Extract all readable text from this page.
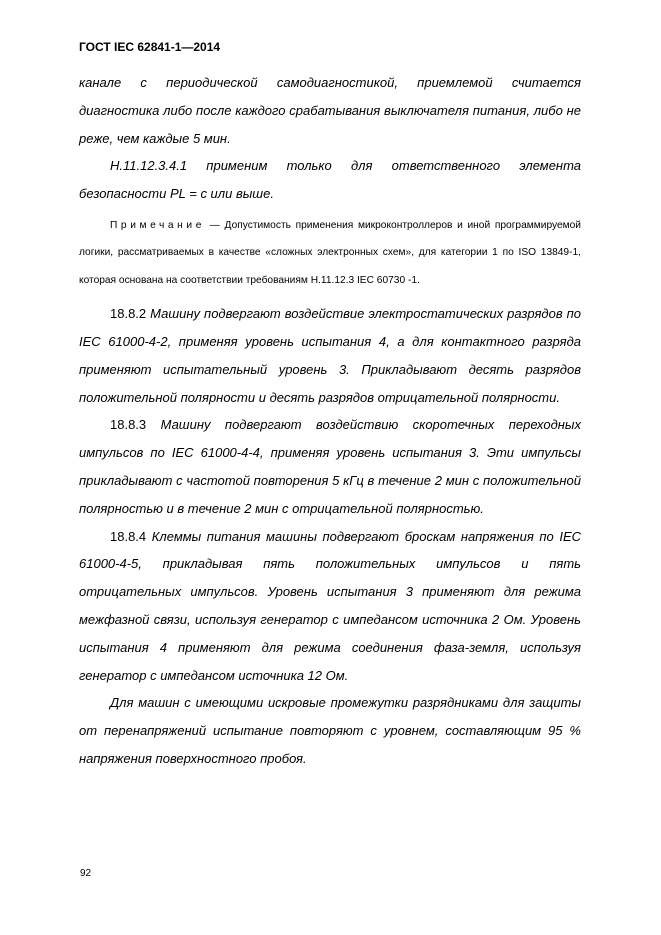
ГОСТ IEC 62841-1—2014

канале с периодической самодиагностикой, приемлемой считается диагностика либо после каждого срабатывания выключателя питания, либо не реже, чем каждые 5 мин.

Н.11.12.3.4.1 применим только для ответственного элемента безопасности PL = c или выше.

Примечание — Допустимость применения микроконтроллеров и иной программируемой логики, рассматриваемых в качестве «сложных электронных схем», для категории 1 по ISO 13849-1, которая основана на соответствии требованиям Н.11.12.3 IEC 60730 -1.

18.8.2 Машину подвергают воздействие электростатических разрядов по IEC 61000-4-2, применяя уровень испытания 4, а для контактного разряда применяют испытательный уровень 3. Прикладывают десять разрядов положительной полярности и десять разрядов отрицательной полярности.

18.8.3 Машину подвергают воздействию скоротечных переходных импульсов по IEC 61000-4-4, применяя уровень испытания 3. Эти импульсы прикладывают с частотой повторения 5 кГц в течение 2 мин с положительной полярностью и в течение 2 мин с отрицательной полярностью.

18.8.4 Клеммы питания машины подвергают броскам напряжения по IEC 61000-4-5, прикладывая пять положительных импульсов и пять отрицательных импульсов. Уровень испытания 3 применяют для режима межфазной связи, используя генератор с импедансом источника 2 Ом. Уровень испытания 4 применяют для режима соединения фаза-земля, используя генератор с импедансом источника 12 Ом.

Для машин с имеющими искровые промежутки разрядниками для защиты от перенапряжений испытание повторяют с уровнем, составляющим 95 % напряжения поверхностного пробоя.

92
